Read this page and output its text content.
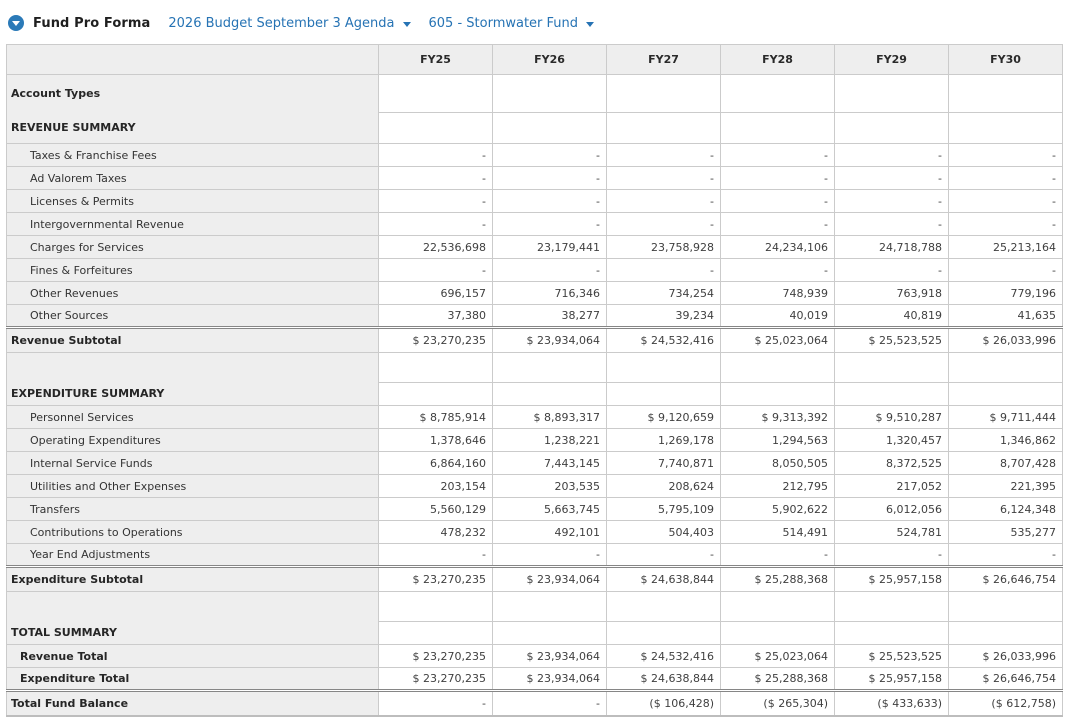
Fund Pro Forma 2026 Budget September 3 Agenda	605 - Stormwater Fund
	FY25	FY26	FY27	FY28	FY29	FY30
Account Types						
REVENUE SUMMARY						
Taxes & Franchise Fees	-	-	-	-	-	-
Ad Valorem Taxes	-	-	-	-	-	-
Licenses & Permits	-	-	-	-	-	-
Intergovernmental Revenue	-	-	-	-	-	-
Charges for Services	22,536,698	23,179,441	23,758,928	24,234,106	24,718,788	25,213,164
Fines & Forfeitures	-	-	-	-	-	-
Other Revenues	696,157	716,346	734,254	748,939	763,918	779,196
Other Sources	37,380	38,277	39,234	40,019	40,819	41,635
Revenue Subtotal	$ 23,270,235	$ 23,934,064	$ 24,532,416	$ 25,023,064	$ 25,523,525	$ 26,033,996
EXPENDITURE SUMMARY						

Personnel Services	$ 8,785,914	$ 8,893,317	$ 9,120,659	$ 9,313,392	$ 9,510,287	$ 9,711,444
Operating Expenditures	1,378,646	1,238,221	1,269,178	1,294,563	1,320,457	1,346,862
Internal Service Funds	6,864,160	7,443,145	7,740,871	8,050,505	8,372,525	8,707,428
Utilities and Other Expenses	203,154	203,535	208,624	212,795	217,052	221,395
Transfers	5,560,129	5,663,745	5,795,109	5,902,622	6,012,056	6,124,348
Contributions to Operations	478,232	492,101	504,403	514,491	524,781	535,277
Year End Adjustments	-	-	-	-	-	-
Expenditure Subtotal	$ 23,270,235	$ 23,934,064	$ 24,638,844	$ 25,288,368	$ 25,957,158	$ 26,646,754
TOTAL SUMMARY						

Revenue Total	$ 23,270,235	$ 23,934,064	$ 24,532,416	$ 25,023,064	$ 25,523,525	$ 26,033,996
Expenditure Total	$ 23,270,235	$ 23,934,064	$ 24,638,844	$ 25,288,368	$ 25,957,158	$ 26,646,754
Total Fund Balance	-	-	($ 106,428)	($ 265,304)	($ 433,633)	($ 612,758)
